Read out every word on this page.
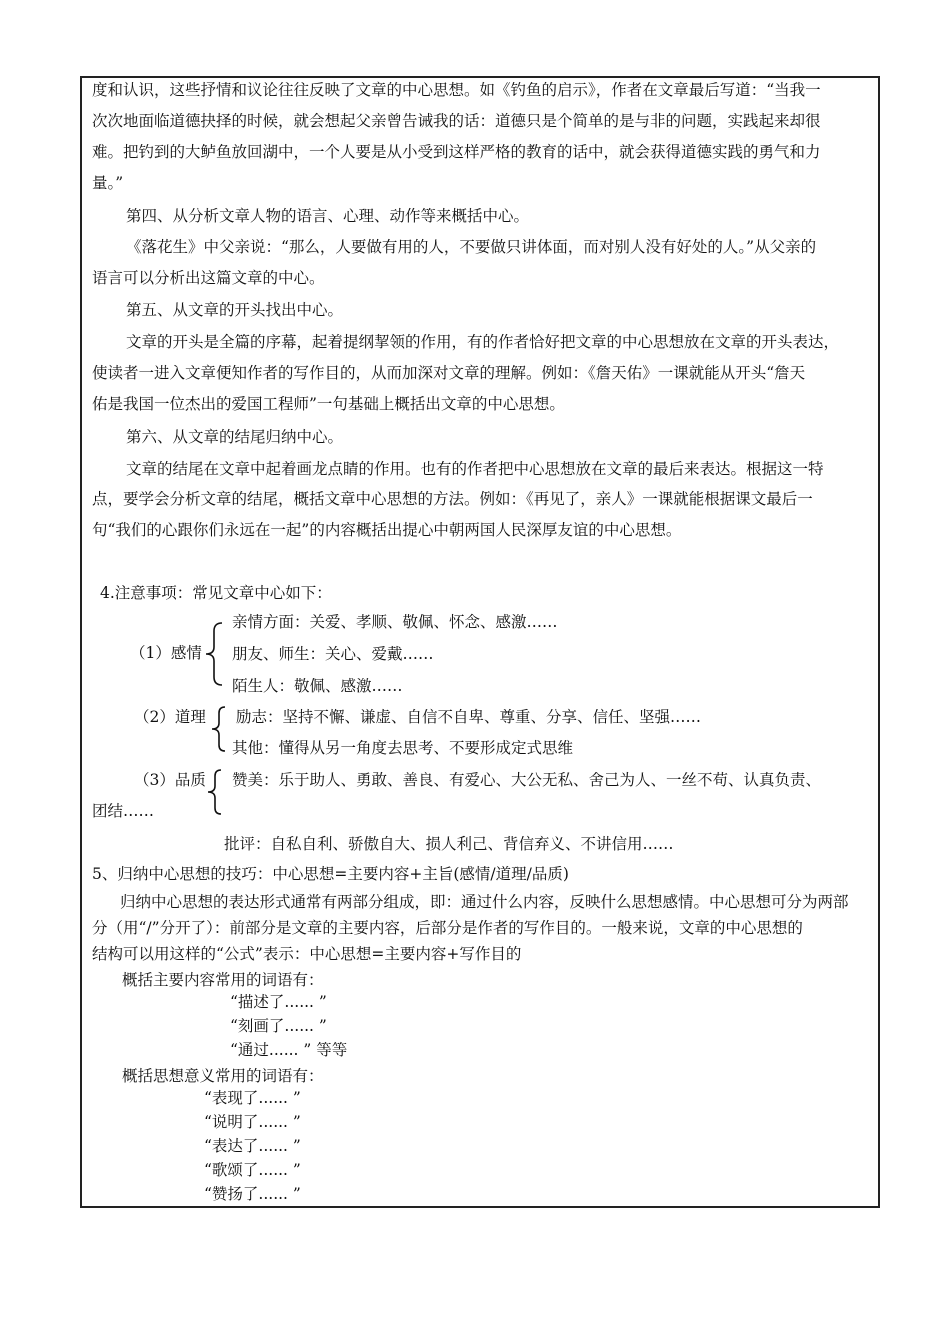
度和认识，这些抒情和议论往往反映了文章的中心思想。如《钓鱼的启示》，作者在文章最后写道：“当我一
次次地面临道德抉择的时候，就会想起父亲曾告诫我的话：道德只是个简单的是与非的问题，实践起来却很
难。把钓到的大鲈鱼放回湖中，一个人要是从小受到这样严格的教育的话中，就会获得道德实践的勇气和力
量。”
第四、从分析文章人物的语言、心理、动作等来概括中心。
《落花生》中父亲说：“那么，人要做有用的人，不要做只讲体面，而对别人没有好处的人。”从父亲的
语言可以分析出这篇文章的中心。
第五、从文章的开头找出中心。
文章的开头是全篇的序幕，起着提纲挈领的作用，有的作者恰好把文章的中心思想放在文章的开头表达，
使读者一进入文章便知作者的写作目的，从而加深对文章的理解。例如：《詹天佑》一课就能从开头“詹天
佑是我国一位杰出的爱国工程师”一句基础上概括出文章的中心思想。
第六、从文章的结尾归纳中心。
文章的结尾在文章中起着画龙点睛的作用。也有的作者把中心思想放在文章的最后来表达。根据这一特
点，要学会分析文章的结尾，概括文章中心思想的方法。例如：《再见了，亲人》一课就能根据课文最后一
句“我们的心跟你们永远在一起”的内容概括出提心中朝两国人民深厚友谊的中心思想。
4.注意事项：常见文章中心如下：
（1）感情
亲情方面：关爱、孝顺、敬佩、怀念、感激……
朋友、师生：关心、爱戴……
陌生人：敬佩、感激……
（2）道理 励志：坚持不懈、谦虚、自信不自卑、尊重、分享、信任、坚强……
其他：懂得从另一角度去思考、不要形成定式思维
（3）品质 赞美：乐于助人、勇敢、善良、有爱心、大公无私、舍己为人、一丝不苟、认真负责、
团结……
批评：自私自利、骄傲自大、损人利己、背信弃义、不讲信用……
5、归纳中心思想的技巧：中心思想=主要内容+主旨(感情/道理/品质)
归纳中心思想的表达形式通常有两部分组成，即：通过什么内容，反映什么思想感情。中心思想可分为两部
分（用“/”分开了）：前部分是文章的主要内容，后部分是作者的写作目的。一般来说，文章的中心思想的
结构可以用这样的“公式”表示：中心思想=主要内容+写作目的
概括主要内容常用的词语有：
“描述了...... ”
“刻画了...... ”
“通过...... ” 等等
概括思想意义常用的词语有：
“表现了...... ”
“说明了...... ”
“表达了...... ”
“歌颂了...... ”
“赞扬了...... ”
